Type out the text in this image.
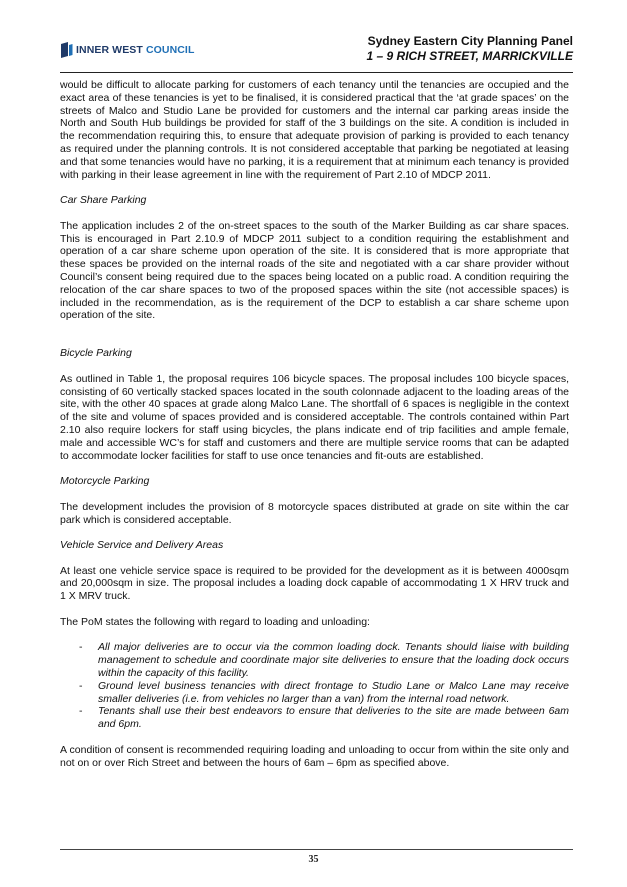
INNER WEST COUNCIL
Sydney Eastern City Planning Panel
1 – 9 RICH STREET, MARRICKVILLE

would be difficult to allocate parking for customers of each tenancy until the tenancies are occupied and the exact area of these tenancies is yet to be finalised, it is considered practical that the ‘at grade spaces’ on the streets of Malco and Studio Lane be provided for customers and the internal car parking areas inside the North and South Hub buildings be provided for staff of the 3 buildings on the site. A condition is included in the recommendation requiring this, to ensure that adequate provision of parking is provided to each tenancy as required under the planning controls. It is not considered acceptable that parking be negotiated at leasing and that some tenancies would have no parking, it is a requirement that at minimum each tenancy is provided with parking in their lease agreement in line with the requirement of Part 2.10 of MDCP 2011.

Car Share Parking

The application includes 2 of the on-street spaces to the south of the Marker Building as car share spaces. This is encouraged in Part 2.10.9 of MDCP 2011 subject to a condition requiring the establishment and operation of a car share scheme upon operation of the site. It is considered that is more appropriate that these spaces be provided on the internal roads of the site and negotiated with a car share provider without Council’s consent being required due to the spaces being located on a public road. A condition requiring the relocation of the car share spaces to two of the proposed spaces within the site (not accessible spaces) is included in the recommendation, as is the requirement of the DCP to establish a car share scheme upon operation of the site.

Bicycle Parking

As outlined in Table 1, the proposal requires 106 bicycle spaces. The proposal includes 100 bicycle spaces, consisting of 60 vertically stacked spaces located in the south colonnade adjacent to the loading areas of the site, with the other 40 spaces at grade along Malco Lane. The shortfall of 6 spaces is negligible in the context of the site and volume of spaces provided and is considered acceptable. The controls contained within Part 2.10 also require lockers for staff using bicycles, the plans indicate end of trip facilities and ample female, male and accessible WC’s for staff and customers and there are multiple service rooms that can be adapted to accommodate locker facilities for staff to use once tenancies and fit-outs are established.

Motorcycle Parking

The development includes the provision of 8 motorcycle spaces distributed at grade on site within the car park which is considered acceptable.

Vehicle Service and Delivery Areas

At least one vehicle service space is required to be provided for the development as it is between 4000sqm and 20,000sqm in size. The proposal includes a loading dock capable of accommodating 1 X HRV truck and 1 X MRV truck.

The PoM states the following with regard to loading and unloading:

- All major deliveries are to occur via the common loading dock. Tenants should liaise with building management to schedule and coordinate major site deliveries to ensure that the loading dock occurs within the capacity of this facility.
- Ground level business tenancies with direct frontage to Studio Lane or Malco Lane may receive smaller deliveries (i.e. from vehicles no larger than a van) from the internal road network.
- Tenants shall use their best endeavors to ensure that deliveries to the site are made between 6am and 6pm.

A condition of consent is recommended requiring loading and unloading to occur from within the site only and not on or over Rich Street and between the hours of 6am – 6pm as specified above.

35
